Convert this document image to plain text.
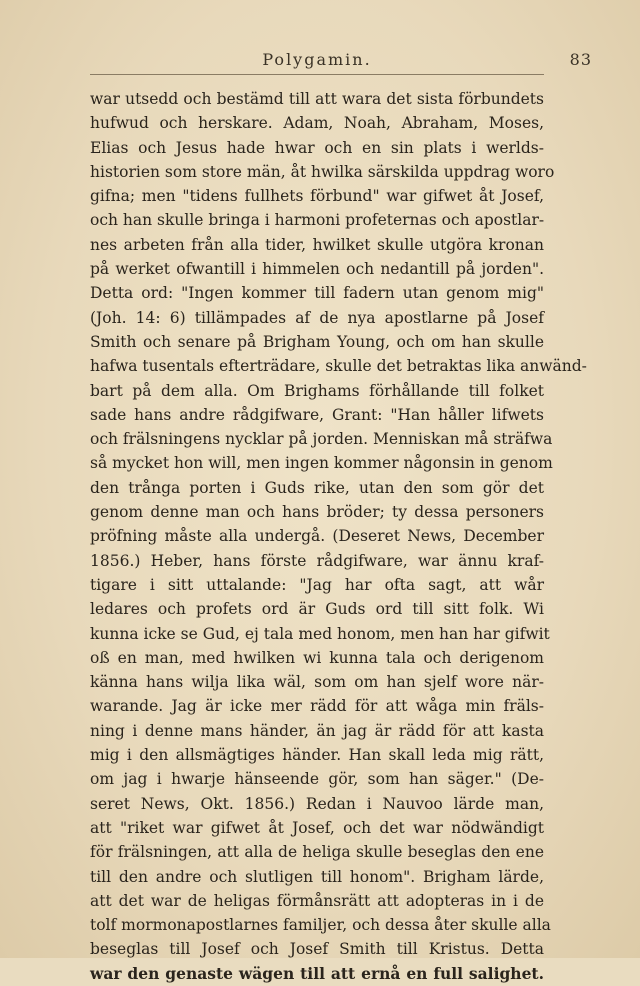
Polygamin.	83
war utsedd och bestämd till att wara det sista förbundets
hufwud och herskare. Adam, Noah, Abraham, Moses,
Elias och Jesus hade hwar och en sin plats i werlds-
historien som store män, åt hwilka särskilda uppdrag woro
gifna; men "tidens fullhets förbund" war gifwet åt Josef,
och han skulle bringa i harmoni profeternas och apostlar-
nes arbeten från alla tider, hwilket skulle utgöra kronan
på werket ofwantill i himmelen och nedantill på jorden".
Detta ord: "Ingen kommer till fadern utan genom mig"
(Joh. 14: 6) tillämpades af de nya apostlarne på Josef
Smith och senare på Brigham Young, och om han skulle
hafwa tusentals efterträdare, skulle det betraktas lika anwänd-
bart på dem alla. Om Brighams förhållande till folket
sade hans andre rådgifware, Grant: "Han håller lifwets
och frälsningens nycklar på jorden. Menniskan må sträfwa
så mycket hon will, men ingen kommer någonsin in genom
den trånga porten i Guds rike, utan den som gör det
genom denne man och hans bröder; ty dessa personers
pröfning måste alla undergå. (Deseret News, December
1856.) Heber, hans förste rådgifware, war ännu kraf-
tigare i sitt uttalande: "Jag har ofta sagt, att wår
ledares och profets ord är Guds ord till sitt folk. Wi
kunna icke se Gud, ej tala med honom, men han har gifwit
oß en man, med hwilken wi kunna tala och derigenom
känna hans wilja lika wäl, som om han sjelf wore när-
warande. Jag är icke mer rädd för att wåga min fräls-
ning i denne mans händer, än jag är rädd för att kasta
mig i den allsmägtiges händer. Han skall leda mig rätt,
om jag i hwarje hänseende gör, som han säger." (De-
seret News, Okt. 1856.) Redan i Nauvoo lärde man,
att "riket war gifwet åt Josef, och det war nödwändigt
för frälsningen, att alla de heliga skulle beseglas den ene
till den andre och slutligen till honom". Brigham lärde,
att det war de heligas förmånsrätt att adopteras in i de
tolf mormonapostlarnes familjer, och dessa åter skulle alla
beseglas till Josef och Josef Smith till Kristus. Detta
war den genaste wägen till att ernå en full salighet.
